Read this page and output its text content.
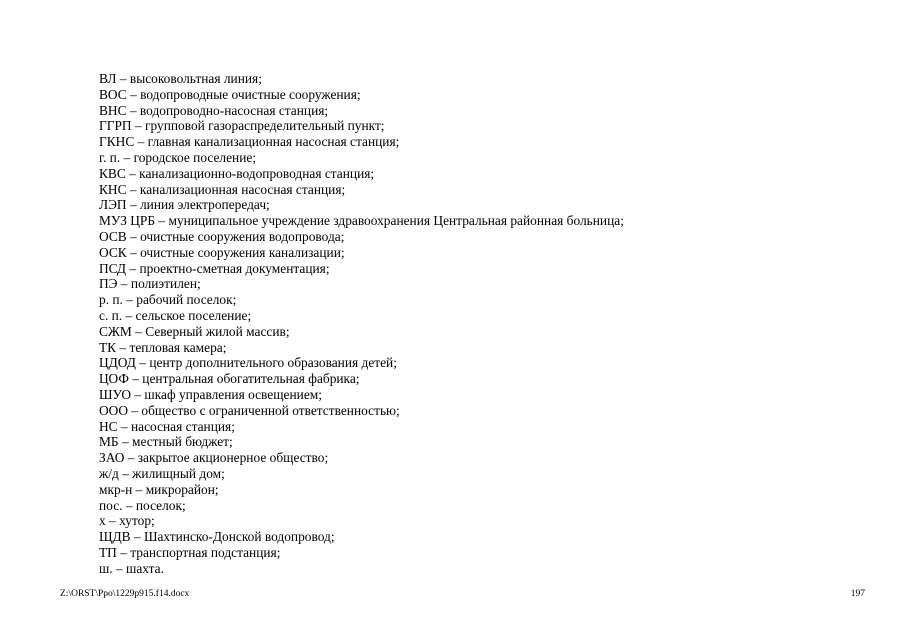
ВЛ – высоковольтная линия;
ВОС – водопроводные очистные сооружения;
ВНС – водопроводно-насосная станция;
ГГРП – групповой газораспределительный пункт;
ГКНС – главная канализационная насосная станция;
г. п. – городское поселение;
КВС – канализационно-водопроводная станция;
КНС – канализационная насосная станция;
ЛЭП – линия электропередач;
МУЗ ЦРБ – муниципальное учреждение здравоохранения Центральная районная больница;
ОСВ – очистные сооружения водопровода;
ОСК – очистные сооружения канализации;
ПСД – проектно-сметная документация;
ПЭ – полиэтилен;
р. п. – рабочий поселок;
с. п. – сельское поселение;
СЖМ – Северный жилой массив;
ТК – тепловая камера;
ЦДОД – центр дополнительного образования детей;
ЦОФ – центральная обогатительная фабрика;
ШУО – шкаф управления освещением;
ООО – общество с ограниченной ответственностью;
НС – насосная станция;
МБ – местный бюджет;
ЗАО – закрытое акционерное общество;
ж/д – жилищный дом;
мкр-н – микрорайон;
пос. – поселок;
х – хутор;
ЩДВ – Шахтинско-Донской водопровод;
ТП – транспортная подстанция;
ш. – шахта.
Z:\ORST\Ppo\1229p915.f14.docx	197
